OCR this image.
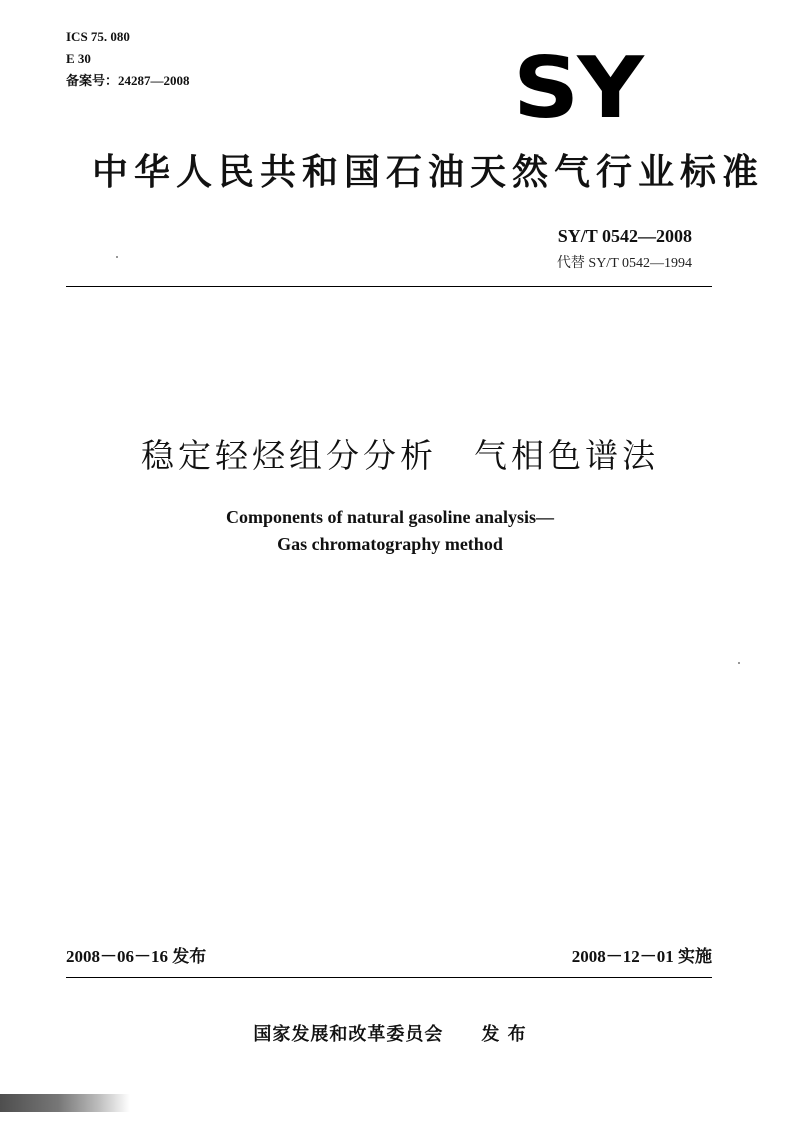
ICS 75. 080
E 30
备案号：24287—2008	SY
中华人民共和国石油天然气行业标准
SY/T 0542—2008
代替 SY/T 0542—1994
稳定轻烃组分分析　气相色谱法
Components of natural gasoline analysis—
Gas chromatography method
2008－06－16 发布	2008－12－01 实施
国家发展和改革委员会　　发 布
